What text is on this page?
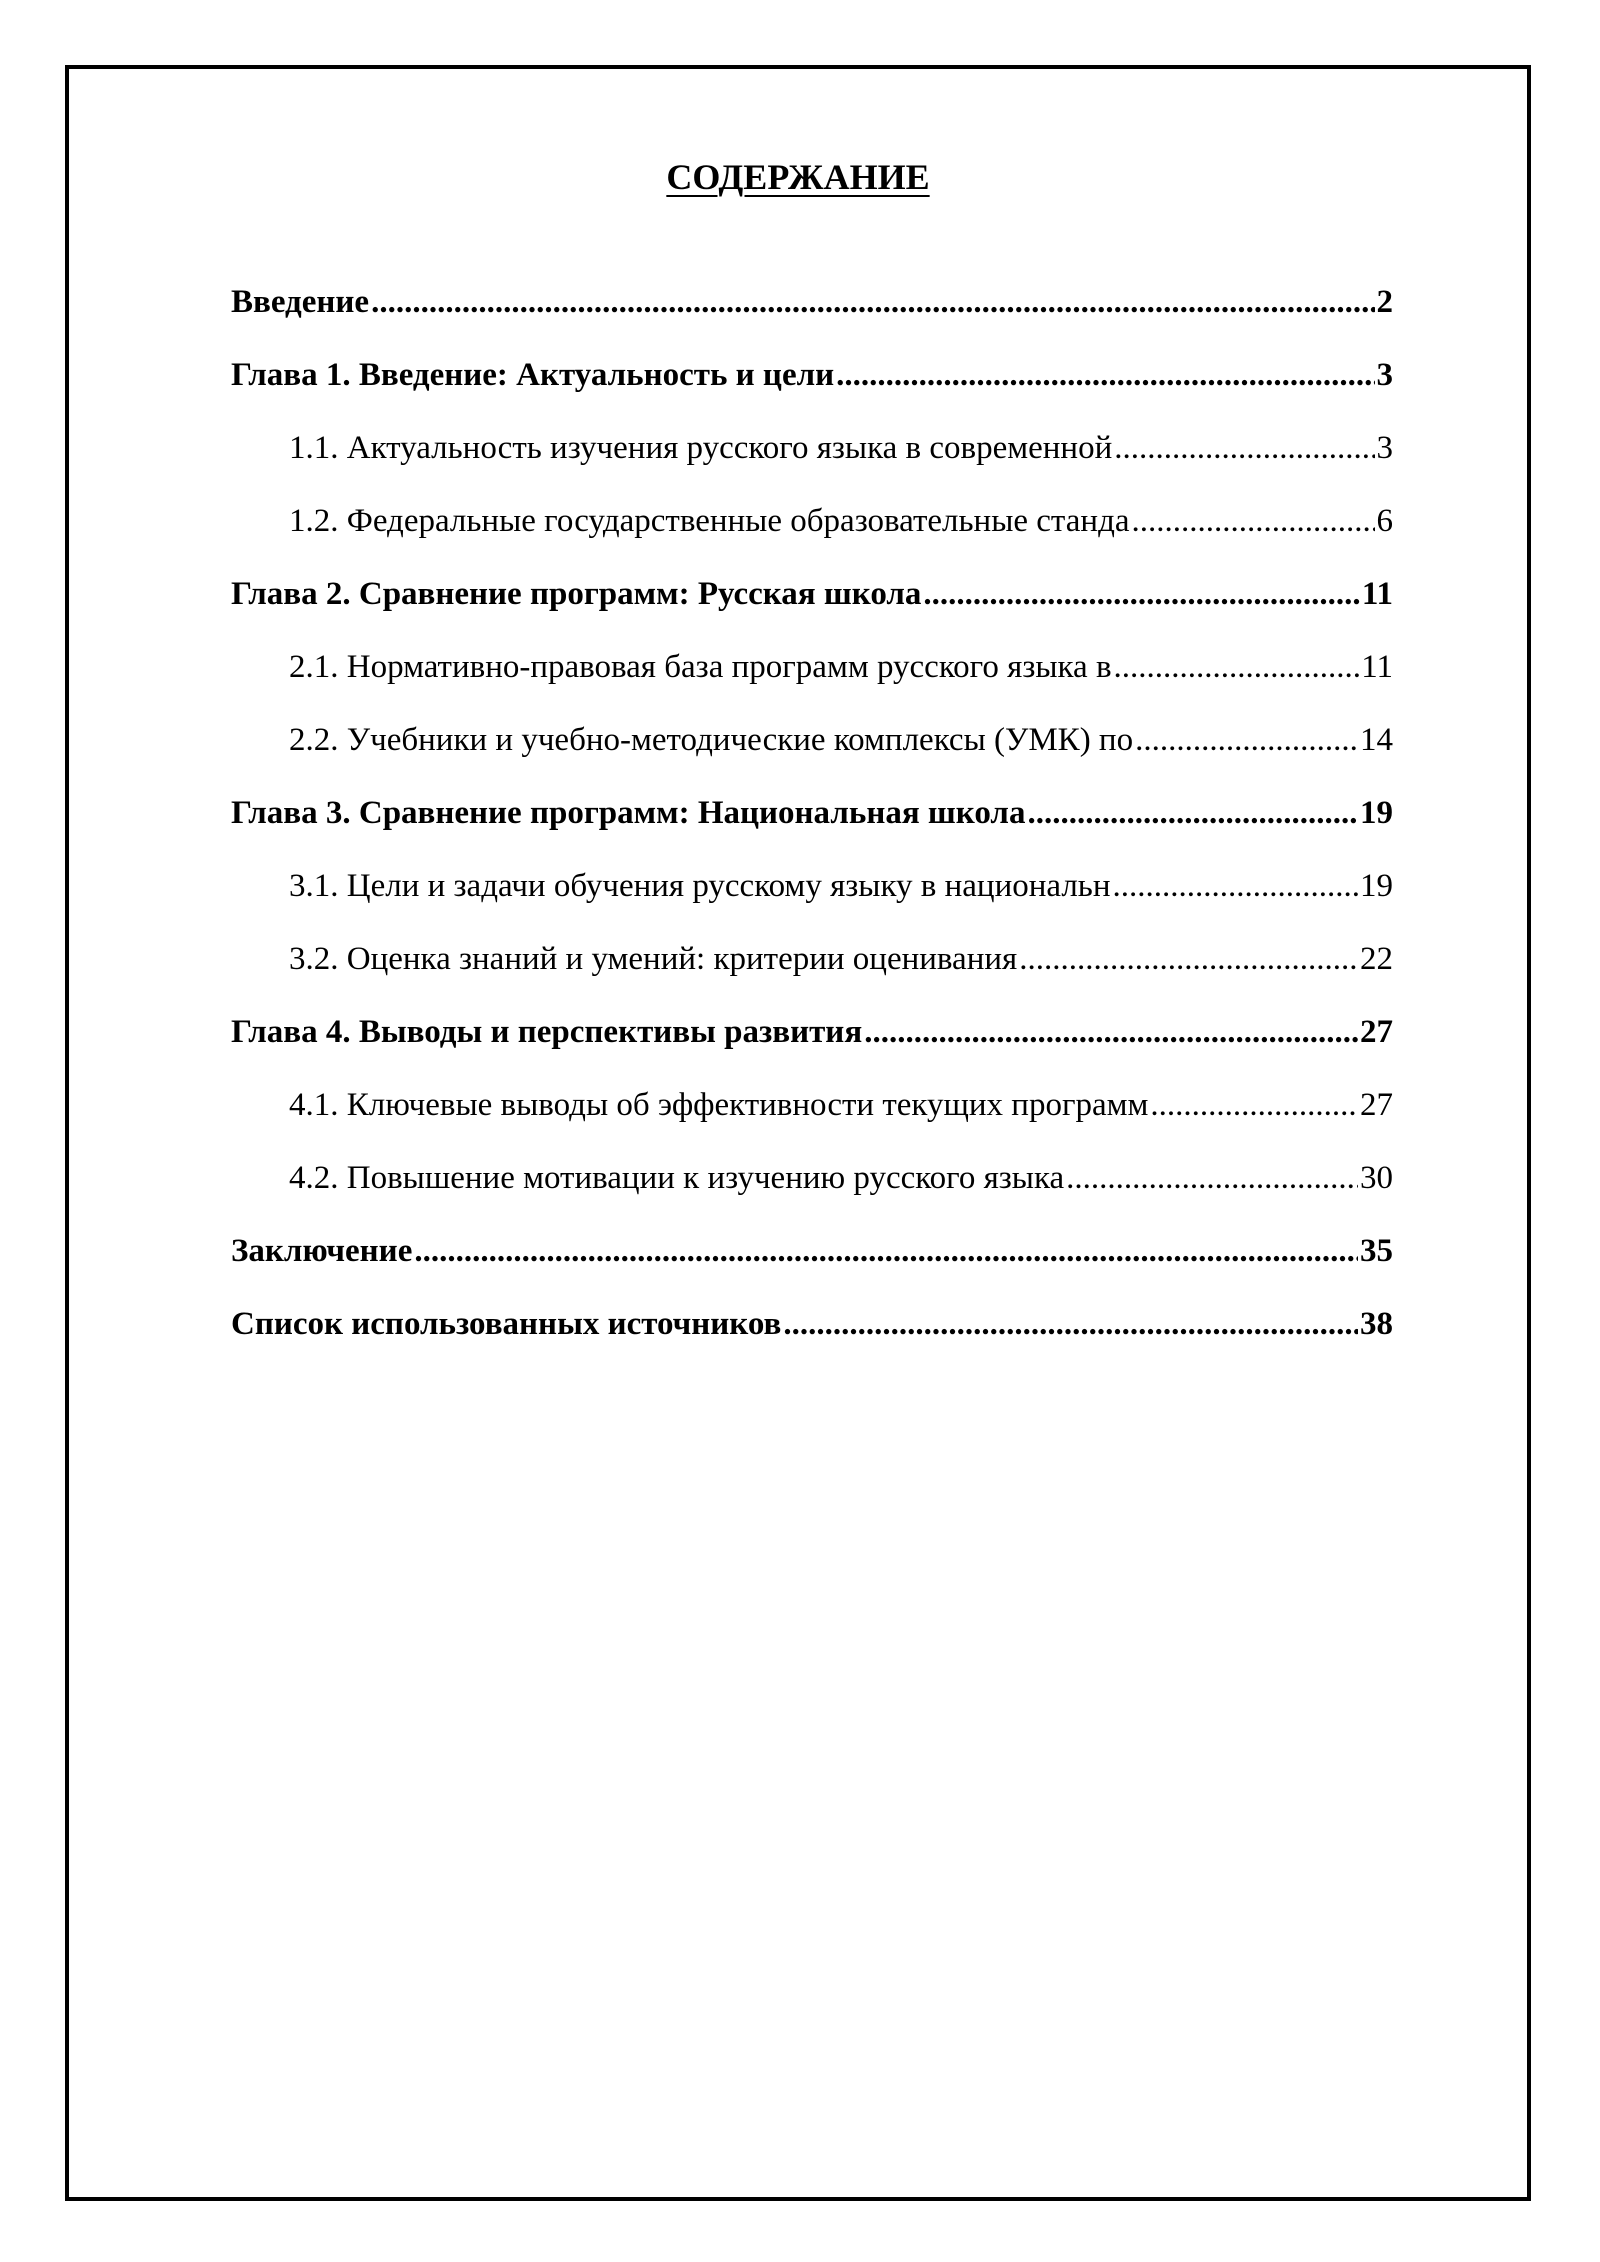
СОДЕРЖАНИЕ
Введение .....	2
Глава 1. Введение: Актуальность и цели .....	3
1.1. Актуальность изучения русского языка в современной .....	3
1.2. Федеральные государственные образовательные станда .....	6
Глава 2. Сравнение программ: Русская школа .....	11
2.1. Нормативно-правовая база программ русского языка в .....	11
2.2. Учебники и учебно-методические комплексы (УМК) по .....	14
Глава 3. Сравнение программ: Национальная школа .....	19
3.1. Цели и задачи обучения русскому языку в национальн .....	19
3.2. Оценка знаний и умений: критерии оценивания .....	22
Глава 4. Выводы и перспективы развития .....	27
4.1. Ключевые выводы об эффективности текущих программ .....	27
4.2. Повышение мотивации к изучению русского языка .....	30
Заключение .....	35
Список использованных источников .....	38
